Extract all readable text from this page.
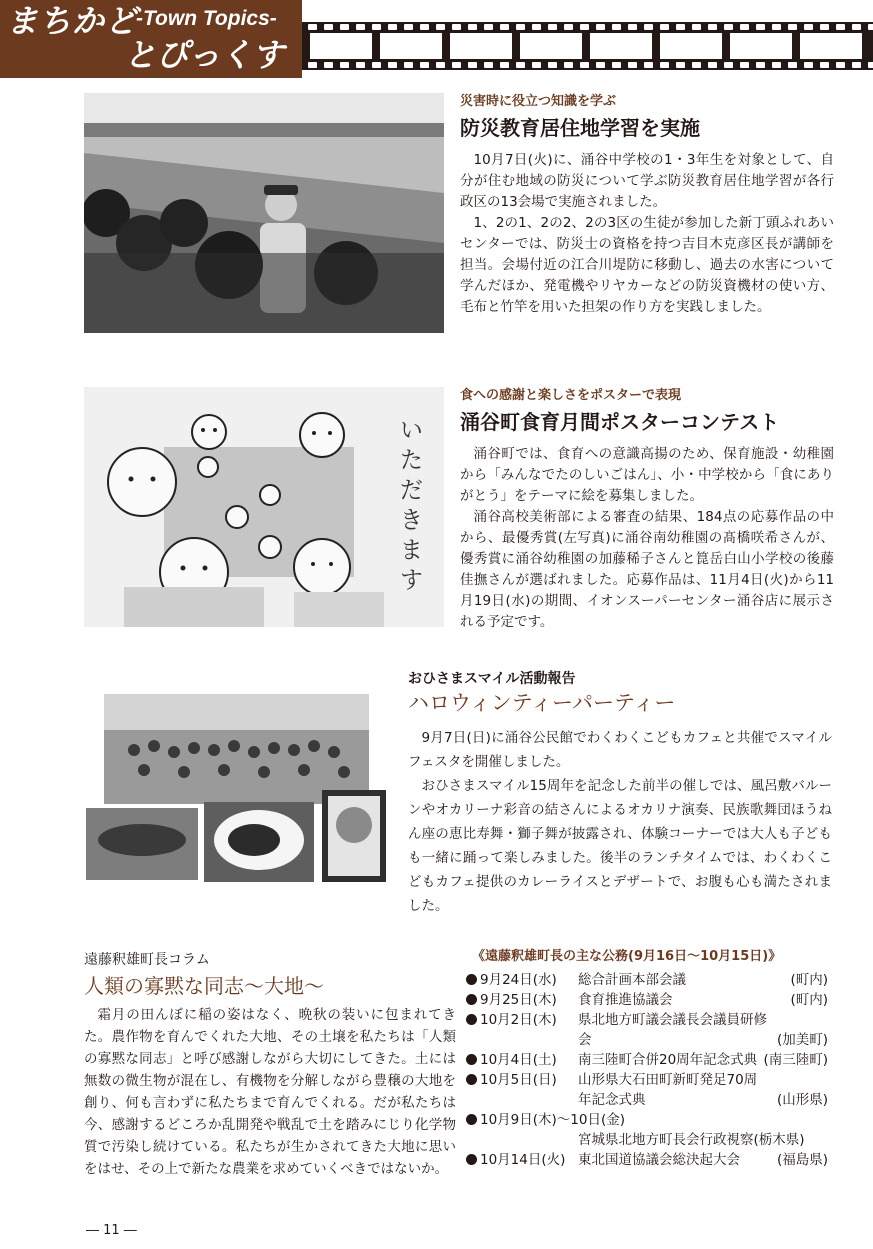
まちかど
-Town Topics-
とぴっくす
災害時に役立つ知識を学ぶ
防災教育居住地学習を実施

10月7日(火)に、涌谷中学校の1・3年生を対象として、自分が住む地域の防災について学ぶ防災教育居住地学習が各行政区の13会場で実施されました。

1、2の1、2の2、2の3区の生徒が参加した新丁頭ふれあいセンターでは、防災士の資格を持つ吉目木克彦区長が講師を担当。会場付近の江合川堤防に移動し、過去の水害について学んだほか、発電機やリヤカーなどの防災資機材の使い方、毛布と竹竿を用いた担架の作り方を実践しました。

いただきます
食への感謝と楽しさをポスターで表現
涌谷町食育月間ポスターコンテスト

涌谷町では、食育への意識高揚のため、保育施設・幼稚園から「みんなでたのしいごはん」、小・中学校から「食にありがとう」をテーマに絵を募集しました。

涌谷高校美術部による審査の結果、184点の応募作品の中から、最優秀賞(左写真)に涌谷南幼稚園の髙橋咲希さんが、優秀賞に涌谷幼稚園の加藤稀子さんと箟岳白山小学校の後藤佳撫さんが選ばれました。応募作品は、11月4日(火)から11月19日(水)の期間、イオンスーパーセンター涌谷店に展示される予定です。

おひさまスマイル活動報告
ハロウィンティーパーティー

9月7日(日)に涌谷公民館でわくわくこどもカフェと共催でスマイルフェスタを開催しました。

おひさまスマイル15周年を記念した前半の催しでは、風呂敷バルーンやオカリーナ彩音の結さんによるオカリナ演奏、民族歌舞団ほうねん座の恵比寿舞・獅子舞が披露され、体験コーナーでは大人も子どもも一緒に踊って楽しみました。後半のランチタイムでは、わくわくこどもカフェ提供のカレーライスとデザートで、お腹も心も満たされました。

遠藤釈雄町長コラム
人類の寡黙な同志～大地～

霜月の田んぼに稲の姿はなく、晩秋の装いに包まれてきた。農作物を育んでくれた大地、その土壌を私たちは「人類の寡黙な同志」と呼び感謝しながら大切にしてきた。土には無数の微生物が混在し、有機物を分解しながら豊穣の大地を創り、何も言わずに私たちまで育んでくれる。だが私たちは今、感謝するどころか乱開発や戦乱で土を踏みにじり化学物質で汚染し続けている。私たちが生かされてきた大地に思いをはせ、その上で新たな農業を求めていくべきではないか。

《遠藤釈雄町長の主な公務(9月16日～10月15日)》
9月24日(水) 総合計画本部会議	(町内)
9月25日(木) 食育推進協議会	(町内)
10月2日(木) 県北地方町議会議長会議員研修会	(加美町)
10月4日(土) 南三陸町合併20周年記念式典 (南三陸町)
10月5日(日) 山形県大石田町新町発足70周年記念式典	(山形県)
10月9日(木)～10日(金)
宮城県北地方町長会行政視察(栃木県)
10月14日(火) 東北国道協議会総決起大会	(福島県)
― 11 ―
